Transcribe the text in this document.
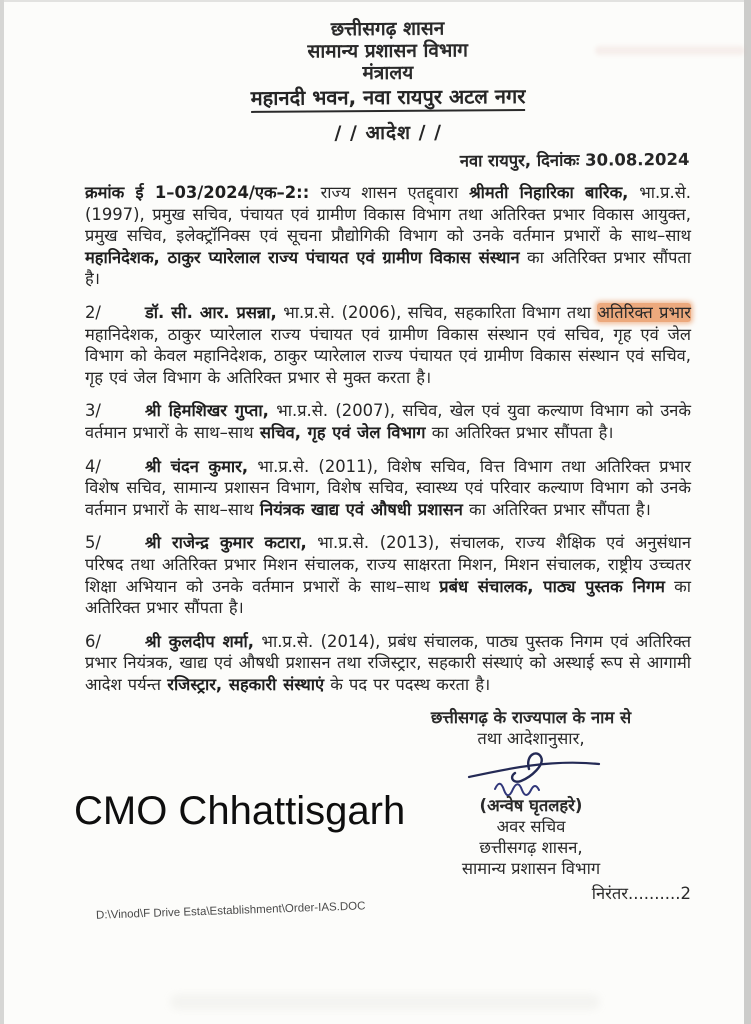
छत्तीसगढ़ शासन
सामान्य प्रशासन विभाग
मंत्रालय
महानदी भवन, नवा रायपुर अटल नगर
/ / आदेश / /
नवा रायपुर, दिनांकः 30.08.2024
क्रमांक ई 1–03/2024/एक–2:: राज्य शासन एतद्द्वारा श्रीमती निहारिका बारिक, भा.प्र.से. (1997), प्रमुख सचिव, पंचायत एवं ग्रामीण विकास विभाग तथा अतिरिक्त प्रभार विकास आयुक्त, प्रमुख सचिव, इलेक्ट्रॉनिक्स एवं सूचना प्रौद्योगिकी विभाग को उनके वर्तमान प्रभारों के साथ–साथ महानिदेशक, ठाकुर प्यारेलाल राज्य पंचायत एवं ग्रामीण विकास संस्थान का अतिरिक्त प्रभार सौंपता है।
2/	डॉ. सी. आर. प्रसन्ना, भा.प्र.से. (2006), सचिव, सहकारिता विभाग तथा अतिरिक्त प्रभार महानिदेशक, ठाकुर प्यारेलाल राज्य पंचायत एवं ग्रामीण विकास संस्थान एवं सचिव, गृह एवं जेल विभाग को केवल महानिदेशक, ठाकुर प्यारेलाल राज्य पंचायत एवं ग्रामीण विकास संस्थान एवं सचिव, गृह एवं जेल विभाग के अतिरिक्त प्रभार से मुक्त करता है।
3/	श्री हिमशिखर गुप्ता, भा.प्र.से. (2007), सचिव, खेल एवं युवा कल्याण विभाग को उनके वर्तमान प्रभारों के साथ–साथ सचिव, गृह एवं जेल विभाग का अतिरिक्त प्रभार सौंपता है।
4/	श्री चंदन कुमार, भा.प्र.से. (2011), विशेष सचिव, वित्त विभाग तथा अतिरिक्त प्रभार विशेष सचिव, सामान्य प्रशासन विभाग, विशेष सचिव, स्वास्थ्य एवं परिवार कल्याण विभाग को उनके वर्तमान प्रभारों के साथ–साथ नियंत्रक खाद्य एवं औषधी प्रशासन का अतिरिक्त प्रभार सौंपता है।
5/	श्री राजेन्द्र कुमार कटारा, भा.प्र.से. (2013), संचालक, राज्य शैक्षिक एवं अनुसंधान परिषद तथा अतिरिक्त प्रभार मिशन संचालक, राज्य साक्षरता मिशन, मिशन संचालक, राष्ट्रीय उच्चतर शिक्षा अभियान को उनके वर्तमान प्रभारों के साथ–साथ प्रबंध संचालक, पाठ्य पुस्तक निगम का अतिरिक्त प्रभार सौंपता है।
6/	श्री कुलदीप शर्मा, भा.प्र.से. (2014), प्रबंध संचालक, पाठ्य पुस्तक निगम एवं अतिरिक्त प्रभार नियंत्रक, खाद्य एवं औषधी प्रशासन तथा रजिस्ट्रार, सहकारी संस्थाएं को अस्थाई रूप से आगामी आदेश पर्यन्त रजिस्ट्रार, सहकारी संस्थाएं के पद पर पदस्थ करता है।
छत्तीसगढ़ के राज्यपाल के नाम से
तथा आदेशानुसार,
(अन्वेष घृतलहरे)
अवर सचिव
छत्तीसगढ़ शासन,
सामान्य प्रशासन विभाग
निरंतर..........2
CMO Chhattisgarh
D:\Vinod\F Drive Esta\Establishment\Order-IAS.DOC
